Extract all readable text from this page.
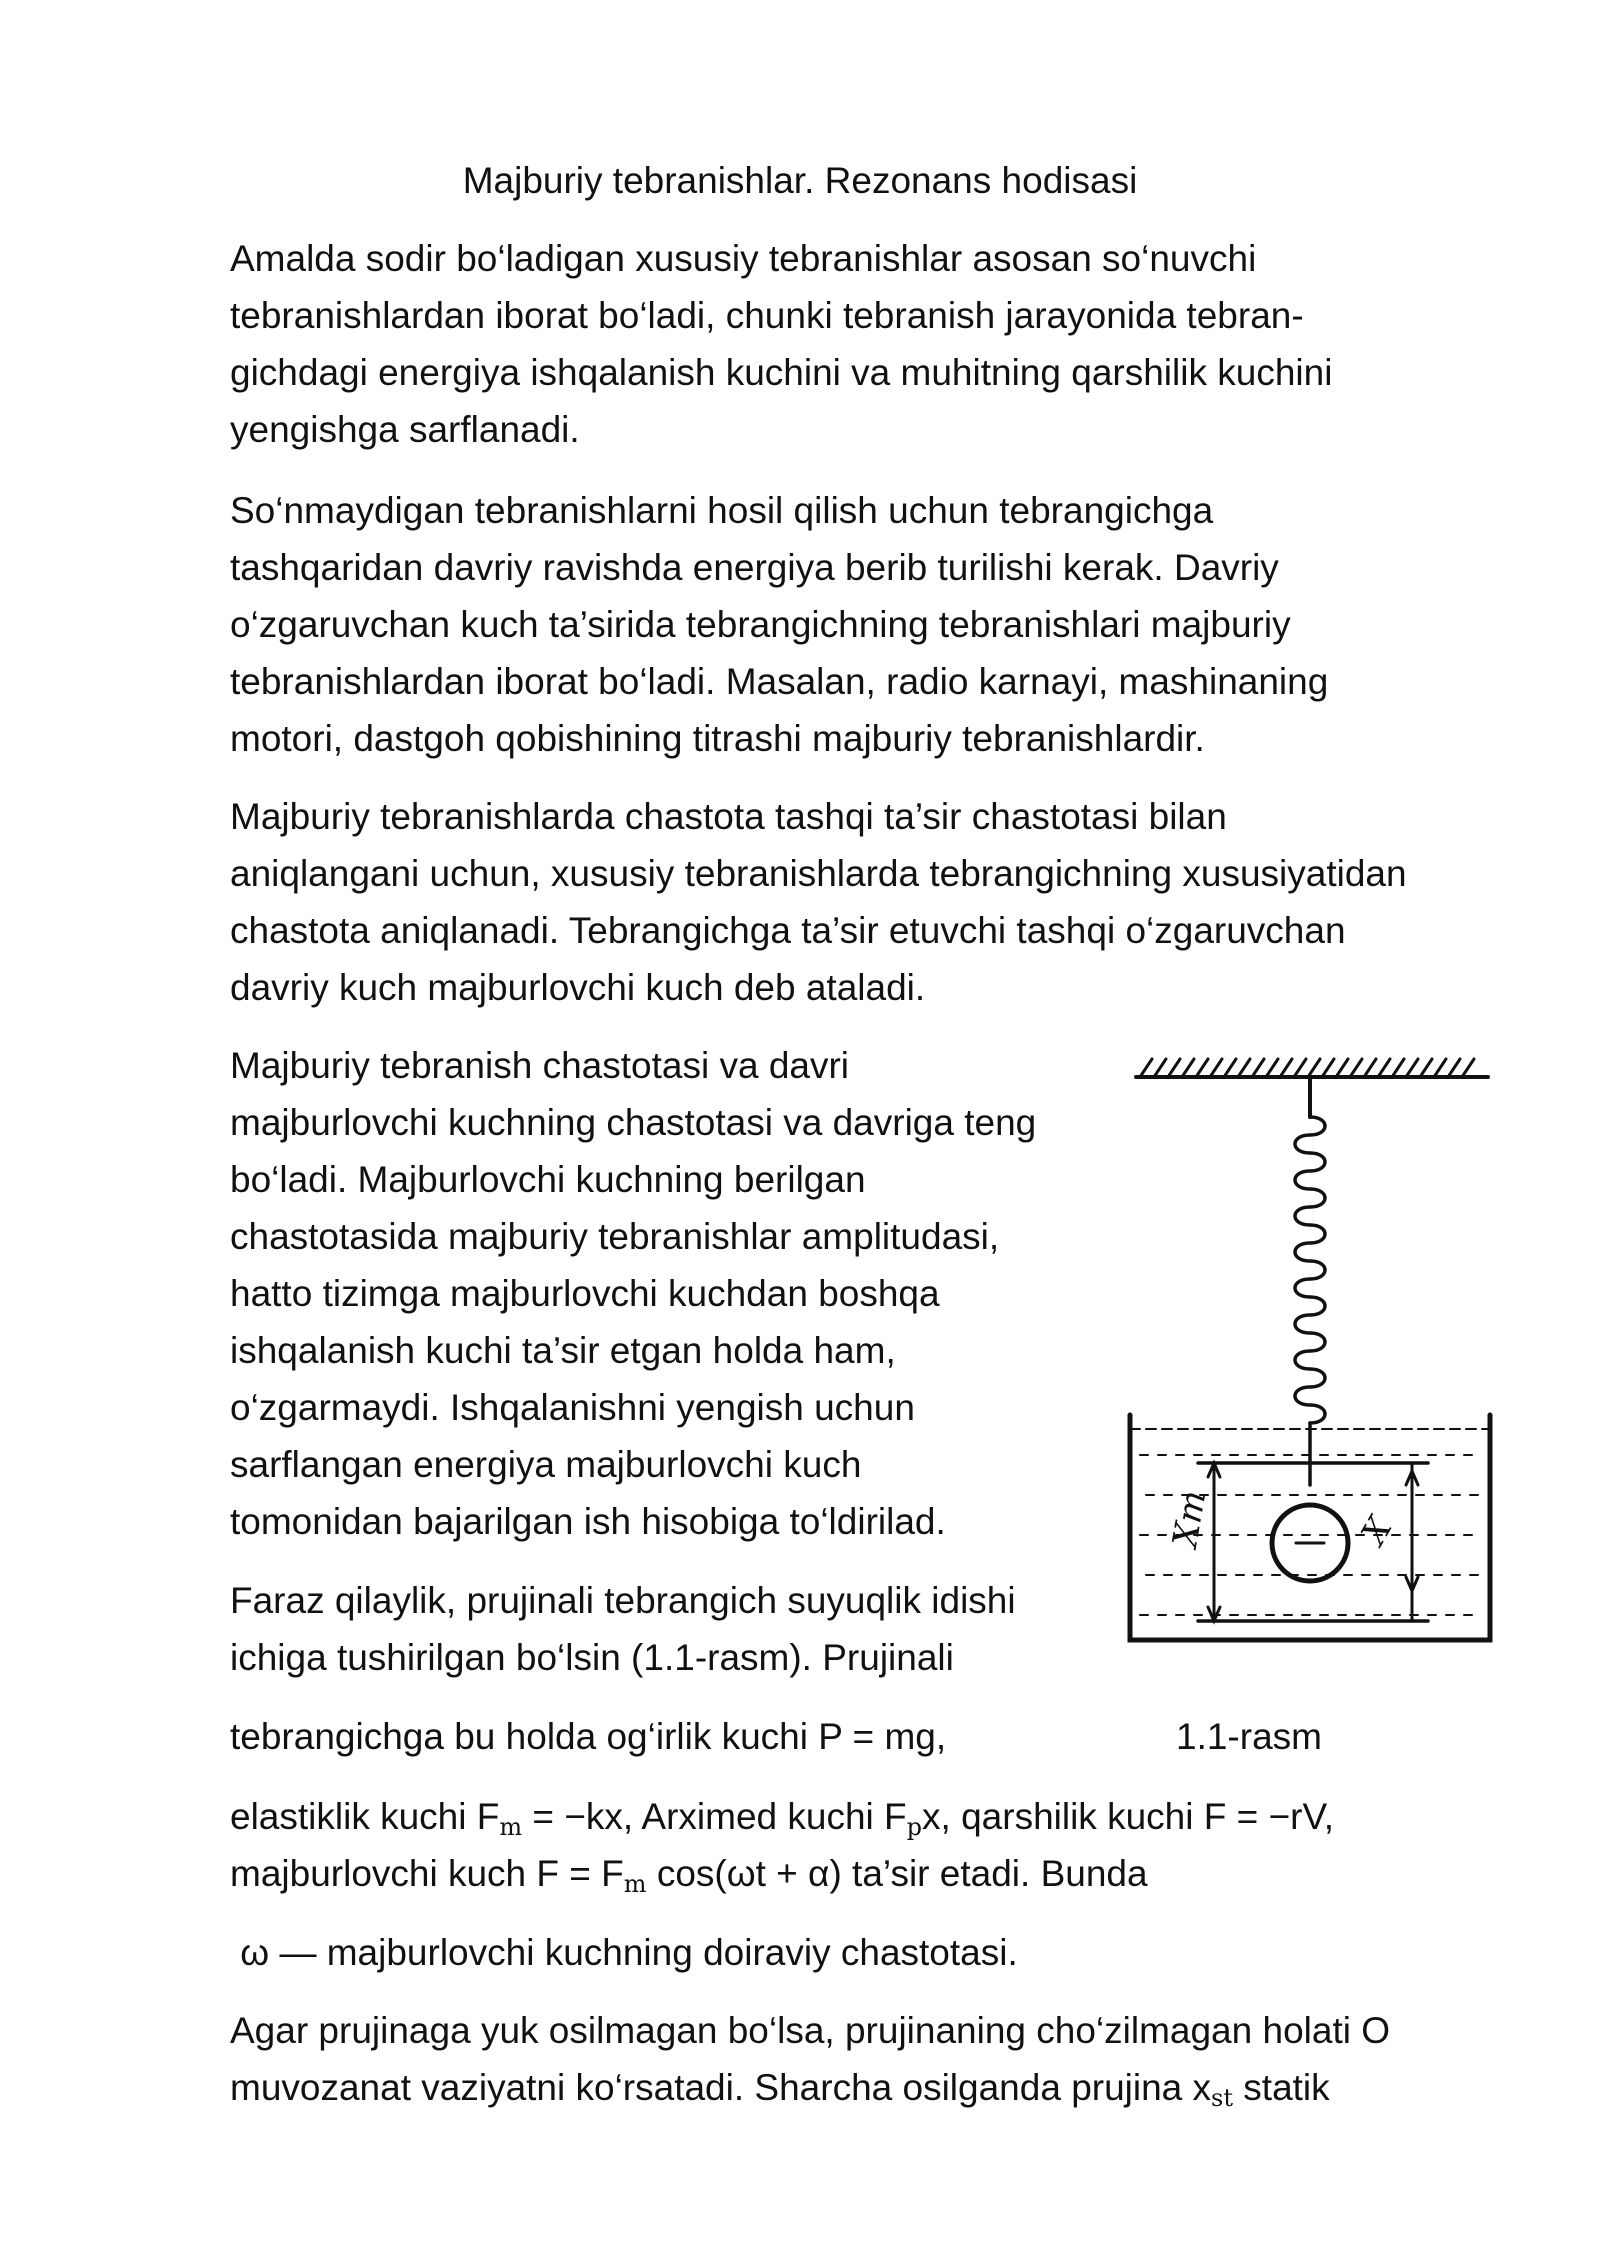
Majburiy tebranishlar. Rezonans hodisasi
Amalda sodir bo‘ladigan xususiy tebranishlar asosan so‘nuvchi
tebranishlardan iborat bo‘ladi, chunki tebranish jarayonida tebran-
gichdagi energiya ishqalanish kuchini va muhitning qarshilik kuchini
yengishga sarflanadi.
So‘nmaydigan tebranishlarni hosil qilish uchun tebrangichga
tashqaridan davriy ravishda energiya berib turilishi kerak. Davriy
o‘zgaruvchan kuch ta’sirida tebrangichning tebranishlari majburiy
tebranishlardan iborat bo‘ladi. Masalan, radio karnayi, mashinaning
motori, dastgoh qobishining titrashi majburiy tebranishlardir.
Majburiy tebranishlarda chastota tashqi ta’sir chastotasi bilan
aniqlangani uchun, xususiy tebranishlarda tebrangichning xususiyatidan
chastota aniqlanadi. Tebrangichga ta’sir etuvchi tashqi o‘zgaruvchan
davriy kuch majburlovchi kuch deb ataladi.
Majburiy tebranish chastotasi va davri
majburlovchi kuchning chastotasi va davriga teng
bo‘ladi. Majburlovchi kuchning berilgan
chastotasida majburiy tebranishlar amplitudasi,
hatto tizimga majburlovchi kuchdan boshqa
ishqalanish kuchi ta’sir etgan holda ham,
o‘zgarmaydi. Ishqalanishni yengish uchun
sarflangan energiya majburlovchi kuch
tomonidan bajarilgan ish hisobiga to‘ldirilad.
Faraz qilaylik, prujinali tebrangich suyuqlik idishi
ichiga tushirilgan bo‘lsin (1.1-rasm). Prujinali
tebrangichga bu holda og‘irlik kuchi P = mg,	1.1-rasm
elastiklik kuchi $F_m = -kx$, Arximed kuchi $F_px$, qarshilik kuchi F = −rV,
majburlovchi kuch $F = F_m$ cos(ωt + α) ta’sir etadi. Bunda
ω — majburlovchi kuchning doiraviy chastotasi.
Agar prujinaga yuk osilmagan bo‘lsa, prujinaning cho‘zilmagan holati O
muvozanat vaziyatni ko‘rsatadi. Sharcha osilganda prujina $x_{st}$ statik
Xm	X
